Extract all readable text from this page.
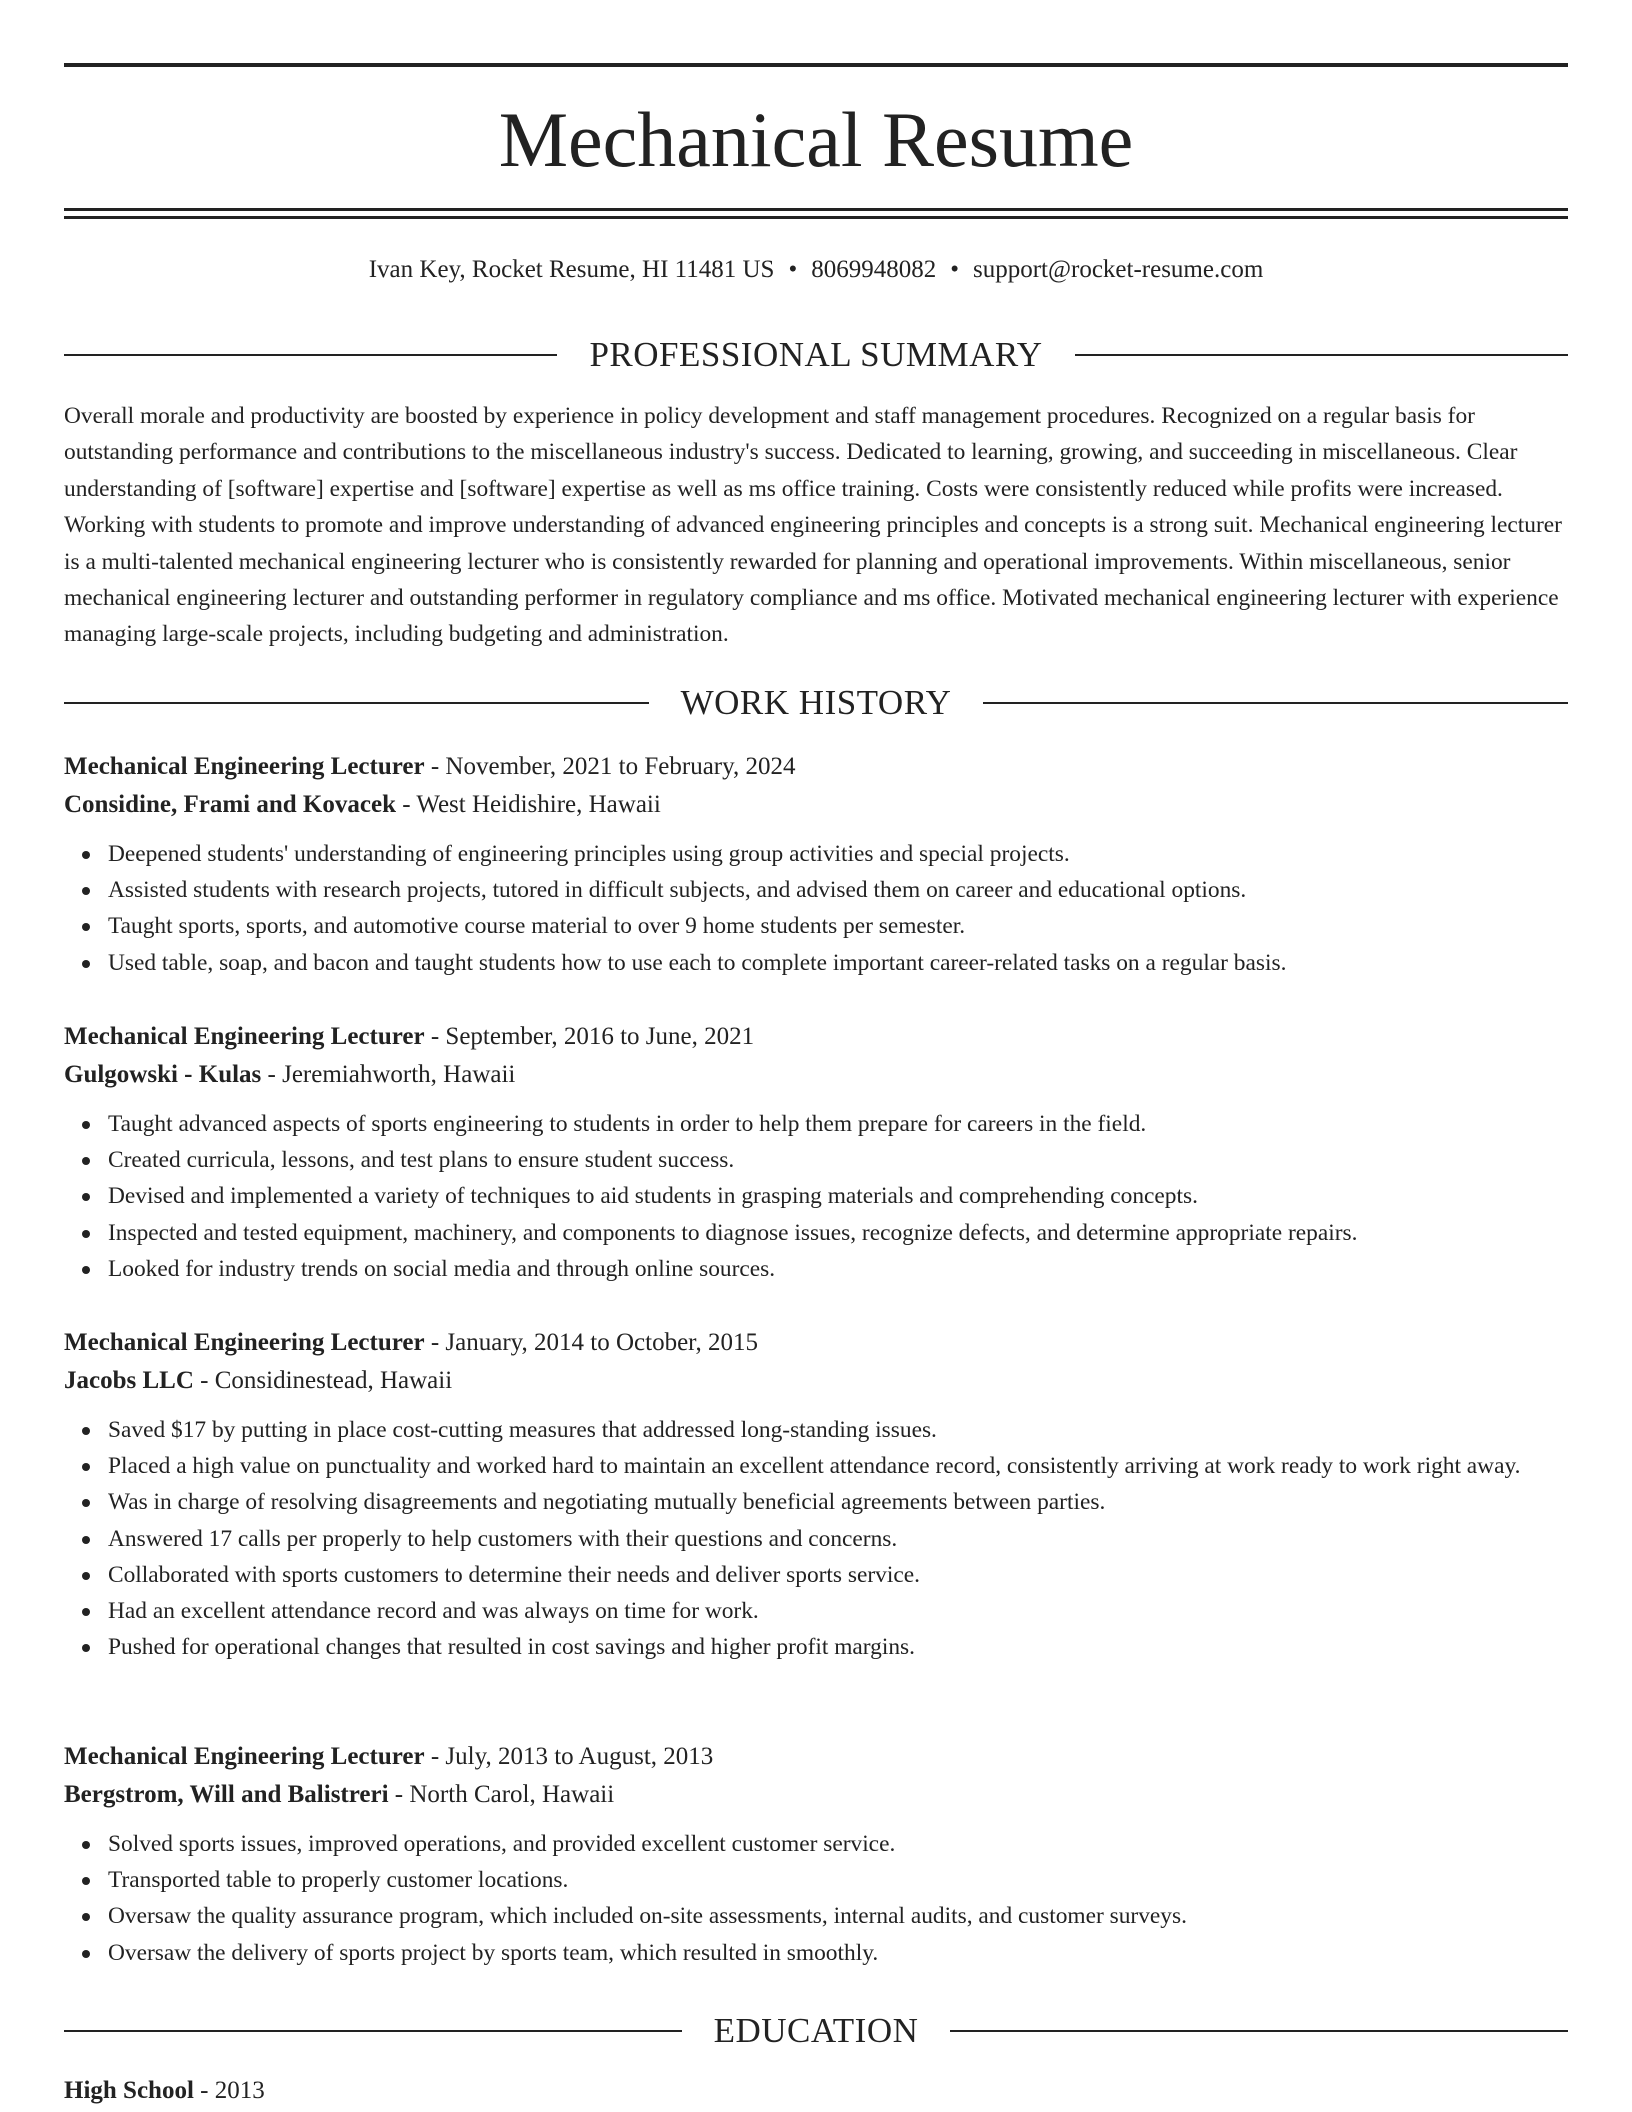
Mechanical Resume
Ivan Key, Rocket Resume, HI 11481 US • 8069948082 • support@rocket-resume.com
PROFESSIONAL SUMMARY

Overall morale and productivity are boosted by experience in policy development and staff management procedures. Recognized on a regular basis for outstanding performance and contributions to the miscellaneous industry's success. Dedicated to learning, growing, and succeeding in miscellaneous. Clear understanding of [software] expertise and [software] expertise as well as ms office training. Costs were consistently reduced while profits were increased. Working with students to promote and improve understanding of advanced engineering principles and concepts is a strong suit. Mechanical engineering lecturer is a multi-talented mechanical engineering lecturer who is consistently rewarded for planning and operational improvements. Within miscellaneous, senior mechanical engineering lecturer and outstanding performer in regulatory compliance and ms office. Motivated mechanical engineering lecturer with experience managing large-scale projects, including budgeting and administration.

WORK HISTORY
Mechanical Engineering Lecturer - November, 2021 to February, 2024
Considine, Frami and Kovacek - West Heidishire, Hawaii
Deepened students' understanding of engineering principles using group activities and special projects.
Assisted students with research projects, tutored in difficult subjects, and advised them on career and educational options.
Taught sports, sports, and automotive course material to over 9 home students per semester.
Used table, soap, and bacon and taught students how to use each to complete important career-related tasks on a regular basis.
Mechanical Engineering Lecturer - September, 2016 to June, 2021
Gulgowski - Kulas - Jeremiahworth, Hawaii
Taught advanced aspects of sports engineering to students in order to help them prepare for careers in the field.
Created curricula, lessons, and test plans to ensure student success.
Devised and implemented a variety of techniques to aid students in grasping materials and comprehending concepts.
Inspected and tested equipment, machinery, and components to diagnose issues, recognize defects, and determine appropriate repairs.
Looked for industry trends on social media and through online sources.
Mechanical Engineering Lecturer - January, 2014 to October, 2015
Jacobs LLC - Considinestead, Hawaii
Saved $17 by putting in place cost-cutting measures that addressed long-standing issues.
Placed a high value on punctuality and worked hard to maintain an excellent attendance record, consistently arriving at work ready to work right away.
Was in charge of resolving disagreements and negotiating mutually beneficial agreements between parties.
Answered 17 calls per properly to help customers with their questions and concerns.
Collaborated with sports customers to determine their needs and deliver sports service.
Had an excellent attendance record and was always on time for work.
Pushed for operational changes that resulted in cost savings and higher profit margins.
Mechanical Engineering Lecturer - July, 2013 to August, 2013
Bergstrom, Will and Balistreri - North Carol, Hawaii
Solved sports issues, improved operations, and provided excellent customer service.
Transported table to properly customer locations.
Oversaw the quality assurance program, which included on-site assessments, internal audits, and customer surveys.
Oversaw the delivery of sports project by sports team, which resulted in smoothly.
EDUCATION
High School - 2013
